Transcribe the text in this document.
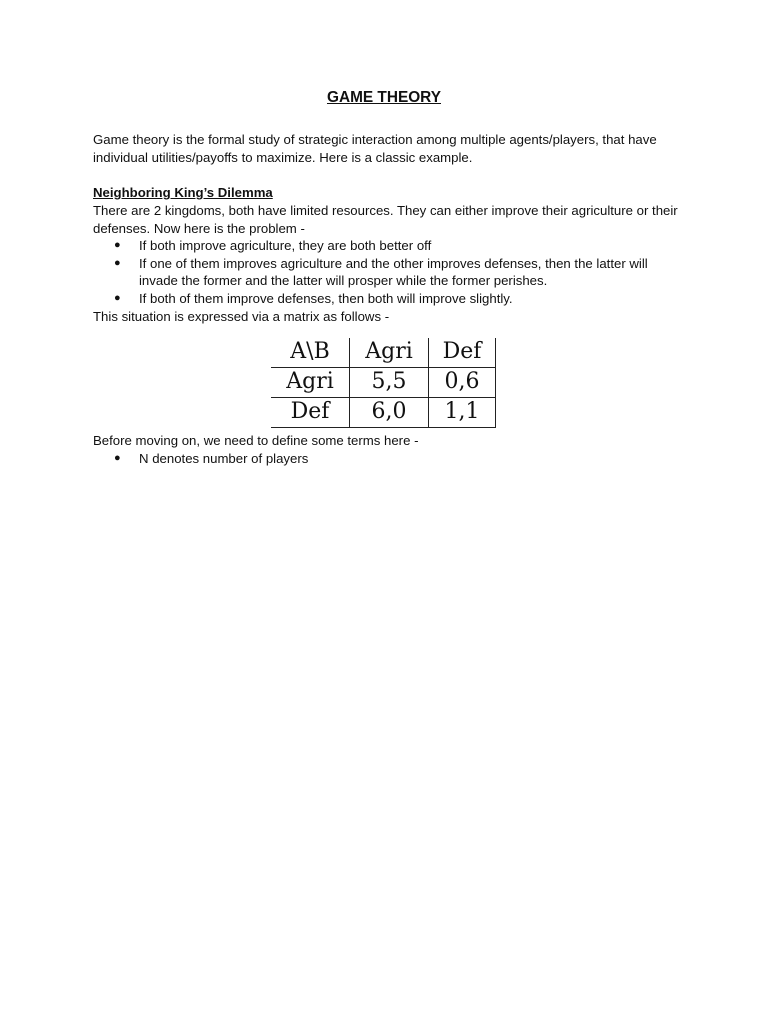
GAME THEORY

Game theory is the formal study of strategic interaction among multiple agents/players, that have individual utilities/payoffs to maximize. Here is a classic example.

Neighboring King’s Dilemma

There are 2 kingdoms, both have limited resources. They can either improve their agriculture or their defenses. Now here is the problem -

● If both improve agriculture, they are both better off
● If one of them improves agriculture and the other improves defenses, then the latter will invade the former and the latter will prosper while the former perishes.
● If both of them improve defenses, then both will improve slightly.

This situation is expressed via a matrix as follows -

A\B	Agri	Def
Agri	5,5	0,6
Def	6,0	1,1

Before moving on, we need to define some terms here -

● N denotes number of players
